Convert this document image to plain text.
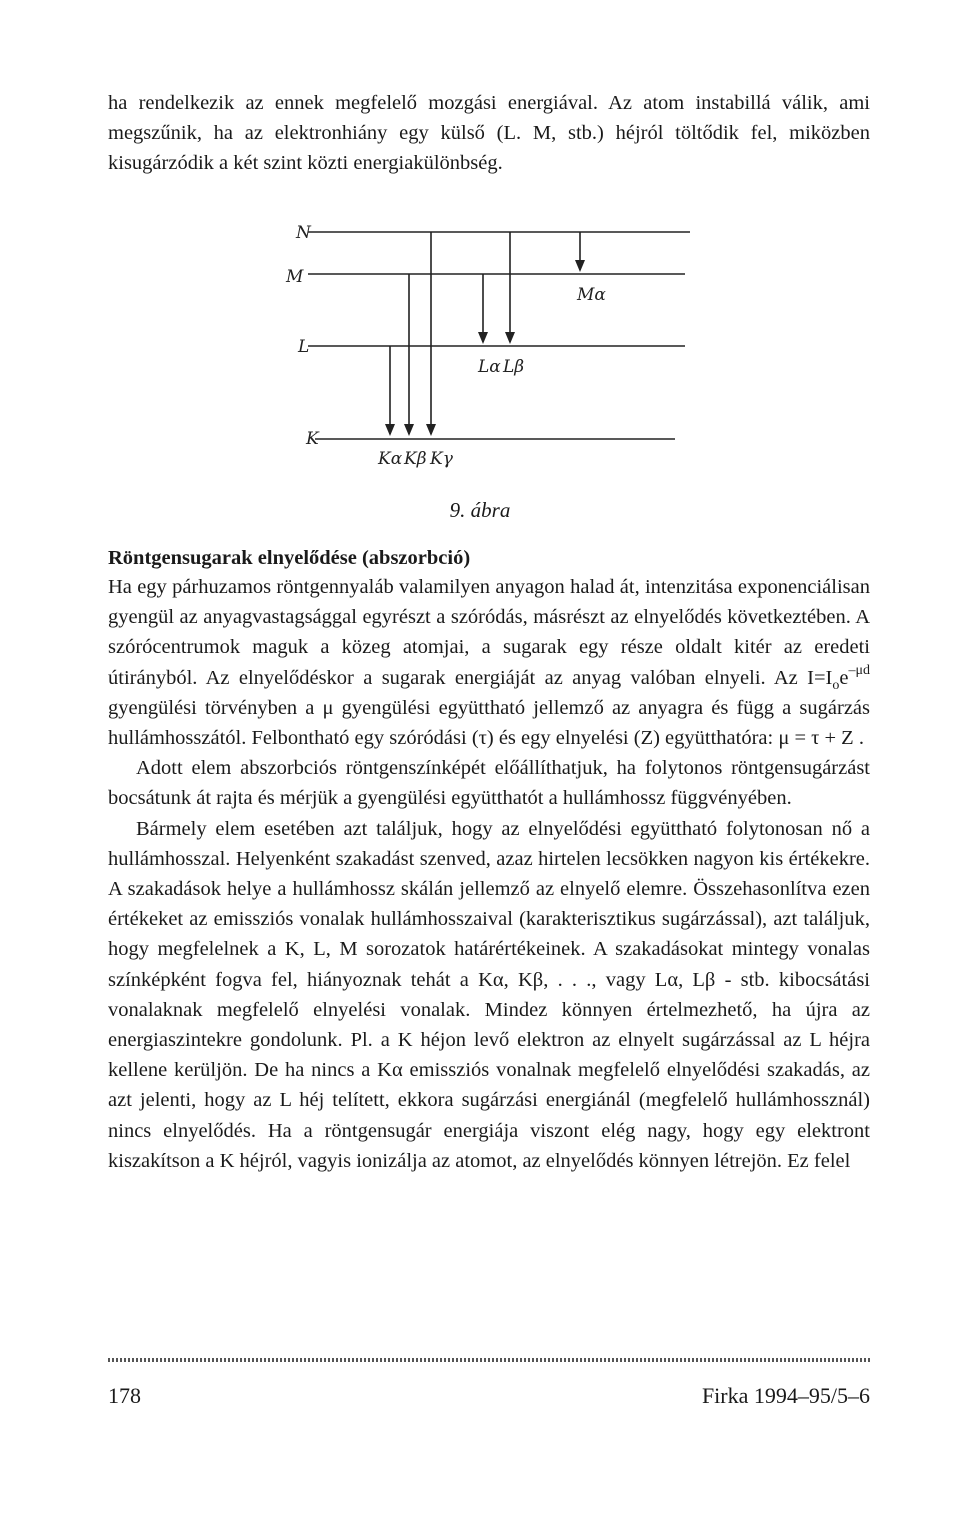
ha rendelkezik az ennek megfelelő mozgási energiával. Az atom instabillá válik, ami megszűnik, ha az elektronhiány egy külső (L. M, stb.) héjról töltődik fel, miközben kisugárzódik a két szint közti energiakülönbség.

N
M
L
K
Mα
Lα Lβ
Kα Kβ Kγ
9. ábra
Röntgensugarak elnyelődése (abszorbció)

Ha egy párhuzamos röntgennyaláb valamilyen anyagon halad át, intenzitása exponenciálisan gyengül az anyagvastagsággal egyrészt a szóródás, másrészt az elnyelődés következtében. A szórócentrumok maguk a közeg atomjai, a sugarak egy része oldalt kitér az eredeti útirányból. Az elnyelődéskor a sugarak energiáját az anyag valóban elnyeli. Az $I=I_oe^{-\mu d}$ gyengülési törvényben a μ gyengülési együttható jellemző az anyagra és függ a sugárzás hullámhosszától. Felbontható egy szóródási (τ) és egy elnyelési (Z) együtthatóra: μ = τ + Z .

Adott elem abszorbciós röntgenszínképét előállíthatjuk, ha folytonos röntgensugárzást bocsátunk át rajta és mérjük a gyengülési együtthatót a hullámhossz függvényében.

Bármely elem esetében azt találjuk, hogy az elnyelődési együttható folytonosan nő a hullámhosszal. Helyenként szakadást szenved, azaz hirtelen lecsökken nagyon kis értékekre. A szakadások helye a hullámhossz skálán jellemző az elnyelő elemre. Összehasonlítva ezen értékeket az emissziós vonalak hullámhosszaival (karakterisztikus sugárzással), azt találjuk, hogy megfelelnek a K, L, M sorozatok határértékeinek. A szakadásokat mintegy vonalas színképként fogva fel, hiányoznak tehát a Kα, Kβ, . . ., vagy Lα, Lβ - stb. kibocsátási vonalaknak megfelelő elnyelési vonalak. Mindez könnyen értelmezhető, ha újra az energiaszintekre gondolunk. Pl. a K héjon levő elektron az elnyelt sugárzással az L héjra kellene kerüljön. De ha nincs a Kα emissziós vonalnak megfelelő elnyelődési szakadás, az azt jelenti, hogy az L héj telített, ekkora sugárzási energiánál (megfelelő hullámhossznál) nincs elnyelődés. Ha a röntgensugár energiája viszont elég nagy, hogy egy elektront kiszakítson a K héjról, vagyis ionizálja az atomot, az elnyelődés könnyen létrejön. Ez felel

178	Firka 1994–95/5–6
